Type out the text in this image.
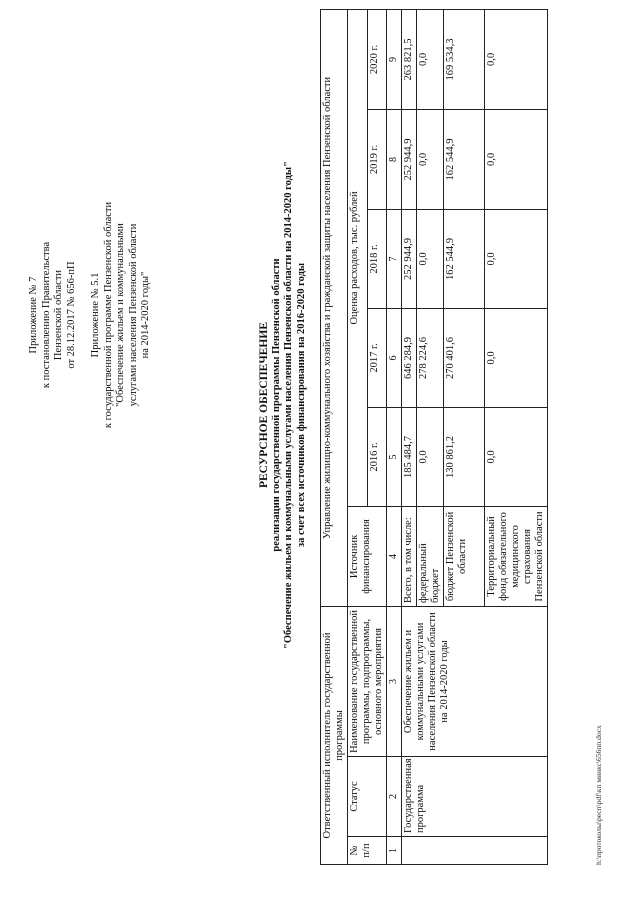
Приложение № 7 к постановлению Правительства Пензенской области от 28.12.2017 № 656-пП Приложение № 5.1 к государственной программе Пензенской области "Обеспечение жильем и коммунальными услугами населения Пензенской области на 2014-2020 годы"
РЕСУРСНОЕ ОБЕСПЕЧЕНИЕ реализации государственной программы Пензенской области "Обеспечение жильем и коммунальными услугами населения Пензенской области на 2014-2020 годы" за счет всех источников финансирования на 2016-2020 годы
Ответственный исполнитель государственной программы			Управление жилищно-коммунального хозяйства и гражданской защиты населения Пензенской области					
№ п/п	Статус	Наименование государственной программы, подпрограммы, основного мероприятия	Источник финансирования	Оценка расходов, тыс. рублей				
				2016 г.	2017 г.	2018 г.	2019 г.	2020 г.
1	2	3	4	5	6	7	8	9
	Государственная программа	Обеспечение жильем и коммунальными услугами населения Пензенской области на 2014-2020 годы	Всего, в том числе:	185 484,7	646 284,9	252 944,9	252 944,9	263 821,5
			федеральный бюджет	0,0	278 224,6	0,0	0,0	0,0
			бюджет Пензенской области	130 861,2	270 401,6	162 544,9	162 544,9	169 534,3
			Территориальный фонд обязательного медицинского страхования Пензенской области	0,0	0,0	0,0	0,0	0,0
h:\протоколы\респ\pdf\кп минкс\656пп.docx
